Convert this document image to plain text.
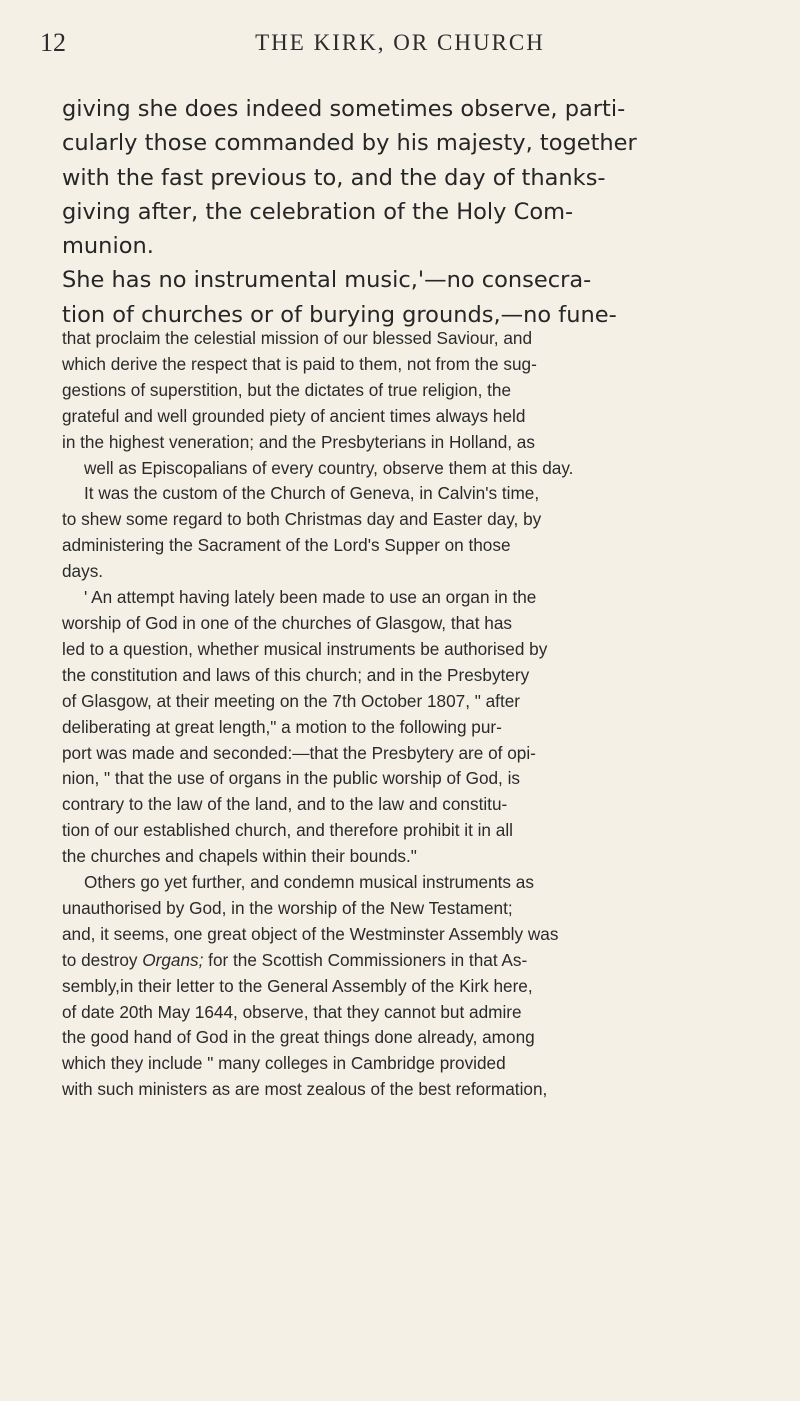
12	THE KIRK, OR CHURCH

giving she does indeed sometimes observe, parti-
cularly those commanded by his majesty, together
with the fast previous to, and the day of thanks-
giving after, the celebration of the Holy Com-
munion.

She has no instrumental music,'—no consecra-
tion of churches or of burying grounds,—no fune-

that proclaim the celestial mission of our blessed Saviour, and
which derive the respect that is paid to them, not from the sug-
gestions of superstition, but the dictates of true religion, the
grateful and well grounded piety of ancient times always held
in the highest veneration; and the Presbyterians in Holland, as
well as Episcopalians of every country, observe them at this day.
It was the custom of the Church of Geneva, in Calvin's time,
to shew some regard to both Christmas day and Easter day, by
administering the Sacrament of the Lord's Supper on those
days.

' An attempt having lately been made to use an organ in the
worship of God in one of the churches of Glasgow, that has
led to a question, whether musical instruments be authorised by
the constitution and laws of this church; and in the Presbytery
of Glasgow, at their meeting on the 7th October 1807, " after
deliberating at great length," a motion to the following pur-
port was made and seconded:—that the Presbytery are of opi-
nion, " that the use of organs in the public worship of God, is
contrary to the law of the land, and to the law and constitu-
tion of our established church, and therefore prohibit it in all
the churches and chapels within their bounds."

Others go yet further, and condemn musical instruments as
unauthorised by God, in the worship of the New Testament;
and, it seems, one great object of the Westminster Assembly was
to destroy Organs; for the Scottish Commissioners in that As-
sembly,in their letter to the General Assembly of the Kirk here,
of date 20th May 1644, observe, that they cannot but admire
the good hand of God in the great things done already, among
which they include " many colleges in Cambridge provided
with such ministers as are most zealous of the best reformation,
